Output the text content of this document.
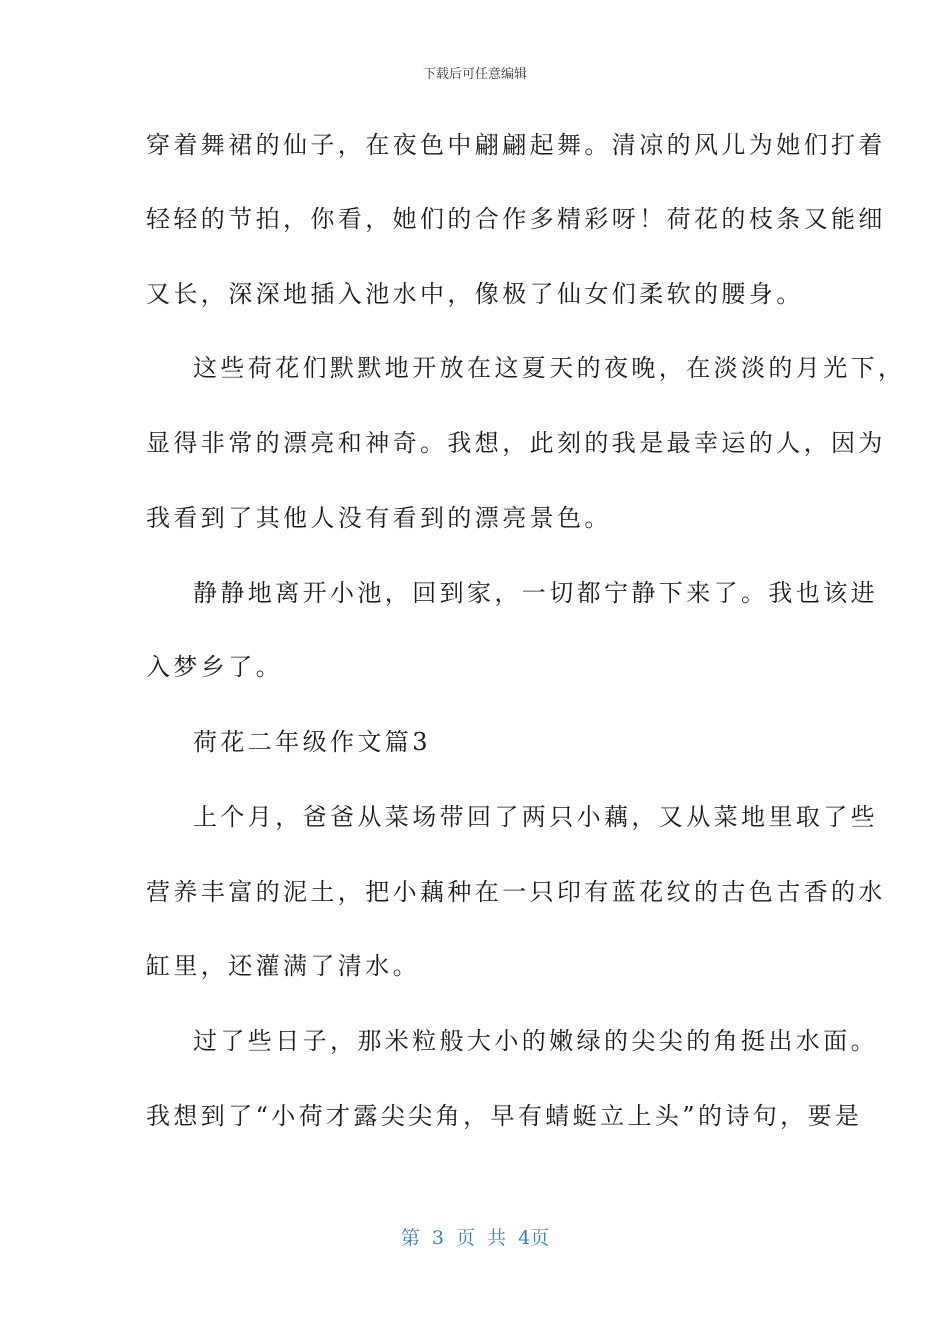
下载后可任意编辑
穿着舞裙的仙子，在夜色中翩翩起舞。清凉的风儿为她们打着
轻轻的节拍，你看，她们的合作多精彩呀！荷花的枝条又能细
又长，深深地插入池水中，像极了仙女们柔软的腰身。
这些荷花们默默地开放在这夏天的夜晚，在淡淡的月光下，
显得非常的漂亮和神奇。我想，此刻的我是最幸运的人，因为
我看到了其他人没有看到的漂亮景色。
静静地离开小池，回到家，一切都宁静下来了。我也该进
入梦乡了。
荷花二年级作文篇3
上个月，爸爸从菜场带回了两只小藕，又从菜地里取了些
营养丰富的泥土，把小藕种在一只印有蓝花纹的古色古香的水
缸里，还灌满了清水。
过了些日子，那米粒般大小的嫩绿的尖尖的角挺出水面。
我想到了“小荷才露尖尖角，早有蜻蜓立上头”的诗句，要是
第 3 页 共 4页
